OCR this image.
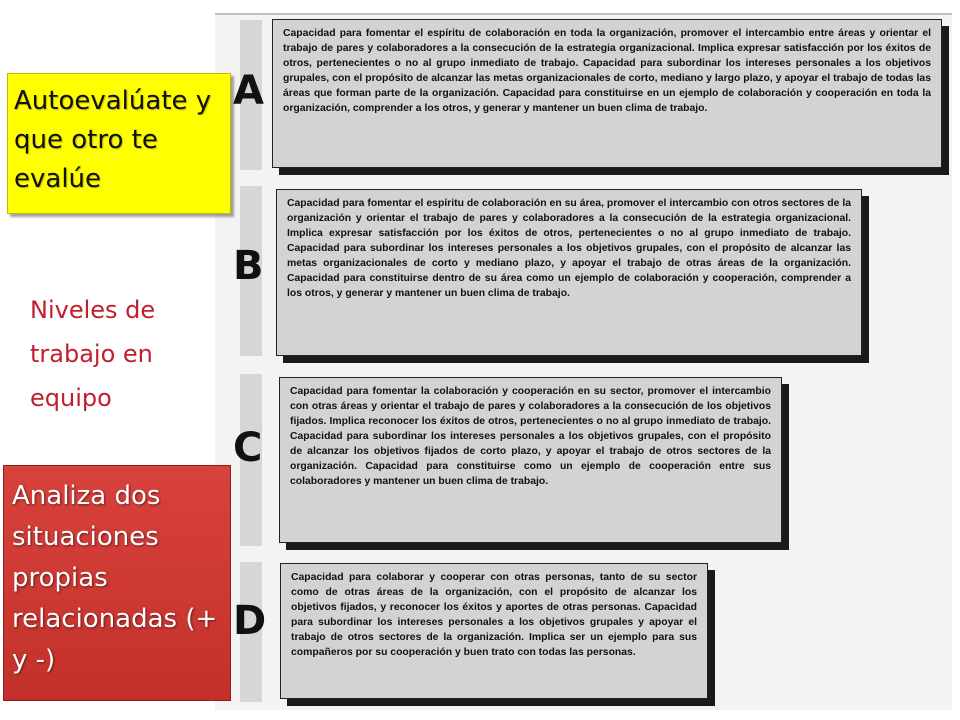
A

Capacidad para fomentar el espíritu de colaboración en toda la organización, promover el intercambio entre áreas y orientar el trabajo de pares y colaboradores a la consecución de la estrategia organizacional. Implica expresar satisfacción por los éxitos de otros, pertenecientes o no al grupo inmediato de trabajo. Capacidad para subordinar los intereses personales a los objetivos grupales, con el propósito de alcanzar las metas organizacionales de corto, mediano y largo plazo, y apoyar el trabajo de todas las áreas que forman parte de la organización. Capacidad para constituirse en un ejemplo de colaboración y cooperación en toda la organización, comprender a los otros, y generar y mantener un buen clima de trabajo.

B

Capacidad para fomentar el espíritu de colaboración en su área, promover el intercambio con otros sectores de la organización y orientar el trabajo de pares y colaboradores a la consecución de la estrategia organizacional. Implica expresar satisfacción por los éxitos de otros, pertenecientes o no al grupo inmediato de trabajo. Capacidad para subordinar los intereses personales a los objetivos grupales, con el propósito de alcanzar las metas organizacionales de corto y mediano plazo, y apoyar el trabajo de otras áreas de la organización. Capacidad para constituirse dentro de su área como un ejemplo de colaboración y cooperación, comprender a los otros, y generar y mantener un buen clima de trabajo.

C

Capacidad para fomentar la colaboración y cooperación en su sector, promover el intercambio con otras áreas y orientar el trabajo de pares y colaboradores a la consecución de los objetivos fijados. Implica reconocer los éxitos de otros, pertenecientes o no al grupo inmediato de trabajo. Capacidad para subordinar los intereses personales a los objetivos grupales, con el propósito de alcanzar los objetivos fijados de corto plazo, y apoyar el trabajo de otros sectores de la organización. Capacidad para constituirse como un ejemplo de cooperación entre sus colaboradores y mantener un buen clima de trabajo.

D

Capacidad para colaborar y cooperar con otras personas, tanto de su sector como de otras áreas de la organización, con el propósito de alcanzar los objetivos fijados, y reconocer los éxitos y aportes de otras personas. Capacidad para subordinar los intereses personales a los objetivos grupales y apoyar el trabajo de otros sectores de la organización. Implica ser un ejemplo para sus compañeros por su cooperación y buen trato con todas las personas.

Autoevalúate y que otro te evalúe
Niveles de trabajo en equipo
Analiza dos situaciones propias relacionadas (+ y -)
